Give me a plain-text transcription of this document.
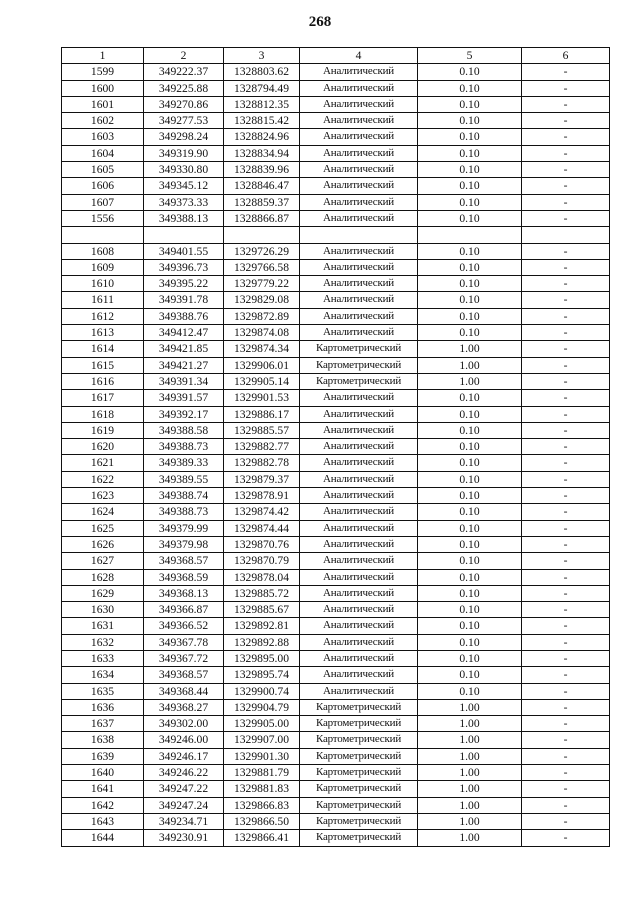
268
1	2	3	4	5	6
1599	349222.37	1328803.62	Аналитический	0.10	-
1600	349225.88	1328794.49	Аналитический	0.10	-
1601	349270.86	1328812.35	Аналитический	0.10	-
1602	349277.53	1328815.42	Аналитический	0.10	-
1603	349298.24	1328824.96	Аналитический	0.10	-
1604	349319.90	1328834.94	Аналитический	0.10	-
1605	349330.80	1328839.96	Аналитический	0.10	-
1606	349345.12	1328846.47	Аналитический	0.10	-
1607	349373.33	1328859.37	Аналитический	0.10	-
1556	349388.13	1328866.87	Аналитический	0.10	-

1608	349401.55	1329726.29	Аналитический	0.10	-
1609	349396.73	1329766.58	Аналитический	0.10	-
1610	349395.22	1329779.22	Аналитический	0.10	-
1611	349391.78	1329829.08	Аналитический	0.10	-
1612	349388.76	1329872.89	Аналитический	0.10	-
1613	349412.47	1329874.08	Аналитический	0.10	-
1614	349421.85	1329874.34	Картометрический	1.00	-
1615	349421.27	1329906.01	Картометрический	1.00	-
1616	349391.34	1329905.14	Картометрический	1.00	-
1617	349391.57	1329901.53	Аналитический	0.10	-
1618	349392.17	1329886.17	Аналитический	0.10	-
1619	349388.58	1329885.57	Аналитический	0.10	-
1620	349388.73	1329882.77	Аналитический	0.10	-
1621	349389.33	1329882.78	Аналитический	0.10	-
1622	349389.55	1329879.37	Аналитический	0.10	-
1623	349388.74	1329878.91	Аналитический	0.10	-
1624	349388.73	1329874.42	Аналитический	0.10	-
1625	349379.99	1329874.44	Аналитический	0.10	-
1626	349379.98	1329870.76	Аналитический	0.10	-
1627	349368.57	1329870.79	Аналитический	0.10	-
1628	349368.59	1329878.04	Аналитический	0.10	-
1629	349368.13	1329885.72	Аналитический	0.10	-
1630	349366.87	1329885.67	Аналитический	0.10	-
1631	349366.52	1329892.81	Аналитический	0.10	-
1632	349367.78	1329892.88	Аналитический	0.10	-
1633	349367.72	1329895.00	Аналитический	0.10	-
1634	349368.57	1329895.74	Аналитический	0.10	-
1635	349368.44	1329900.74	Аналитический	0.10	-
1636	349368.27	1329904.79	Картометрический	1.00	-
1637	349302.00	1329905.00	Картометрический	1.00	-
1638	349246.00	1329907.00	Картометрический	1.00	-
1639	349246.17	1329901.30	Картометрический	1.00	-
1640	349246.22	1329881.79	Картометрический	1.00	-
1641	349247.22	1329881.83	Картометрический	1.00	-
1642	349247.24	1329866.83	Картометрический	1.00	-
1643	349234.71	1329866.50	Картометрический	1.00	-
1644	349230.91	1329866.41	Картометрический	1.00	-
